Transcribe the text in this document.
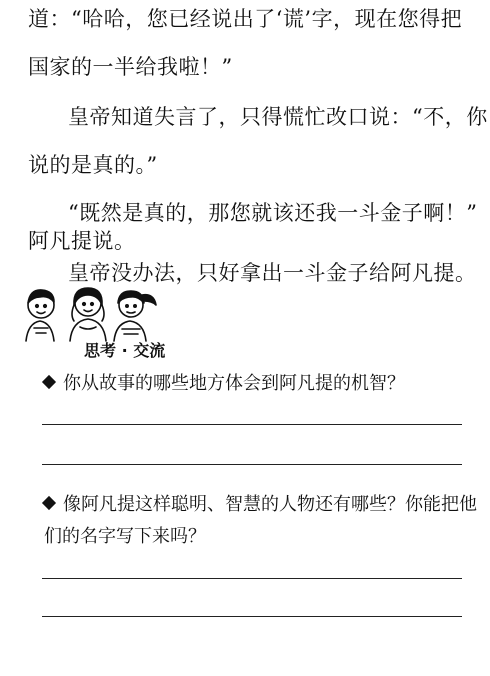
道：“哈哈，您已经说出了‘谎’字，现在您得把
国家的一半给我啦！”
皇帝知道失言了，只得慌忙改口说：“不，你
说的是真的。”
“既然是真的，那您就该还我一斗金子啊！”
阿凡提说。
皇帝没办法，只好拿出一斗金子给阿凡提。
思考 · 交流
你从故事的哪些地方体会到阿凡提的机智？
像阿凡提这样聪明、智慧的人物还有哪些？你能把他
们的名字写下来吗？
